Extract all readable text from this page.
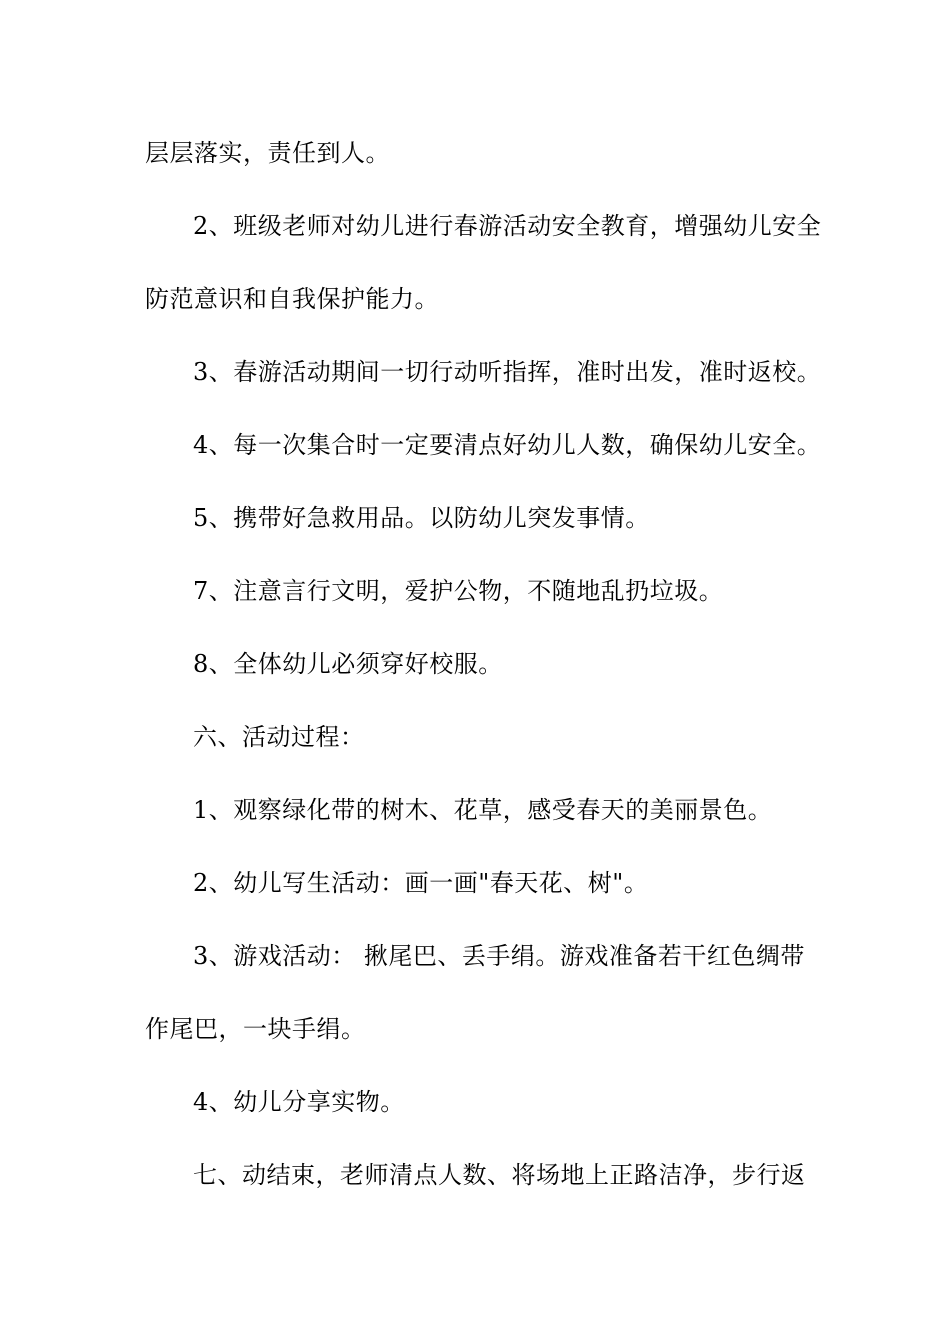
层层落实，责任到人。
2、班级老师对幼儿进行春游活动安全教育，增强幼儿安全
防范意识和自我保护能力。
3、春游活动期间一切行动听指挥，准时出发，准时返校。
4、每一次集合时一定要清点好幼儿人数，确保幼儿安全。
5、携带好急救用品。以防幼儿突发事情。
7、注意言行文明，爱护公物，不随地乱扔垃圾。
8、全体幼儿必须穿好校服。
六、活动过程：
1、观察绿化带的树木、花草，感受春天的美丽景色。
2、幼儿写生活动：画一画"春天花、树"。
3、游戏活动： 揪尾巴、丢手绢。游戏准备若干红色绸带
作尾巴，一块手绢。
4、幼儿分享实物。
七、动结束，老师清点人数、将场地上正路洁净，步行返
